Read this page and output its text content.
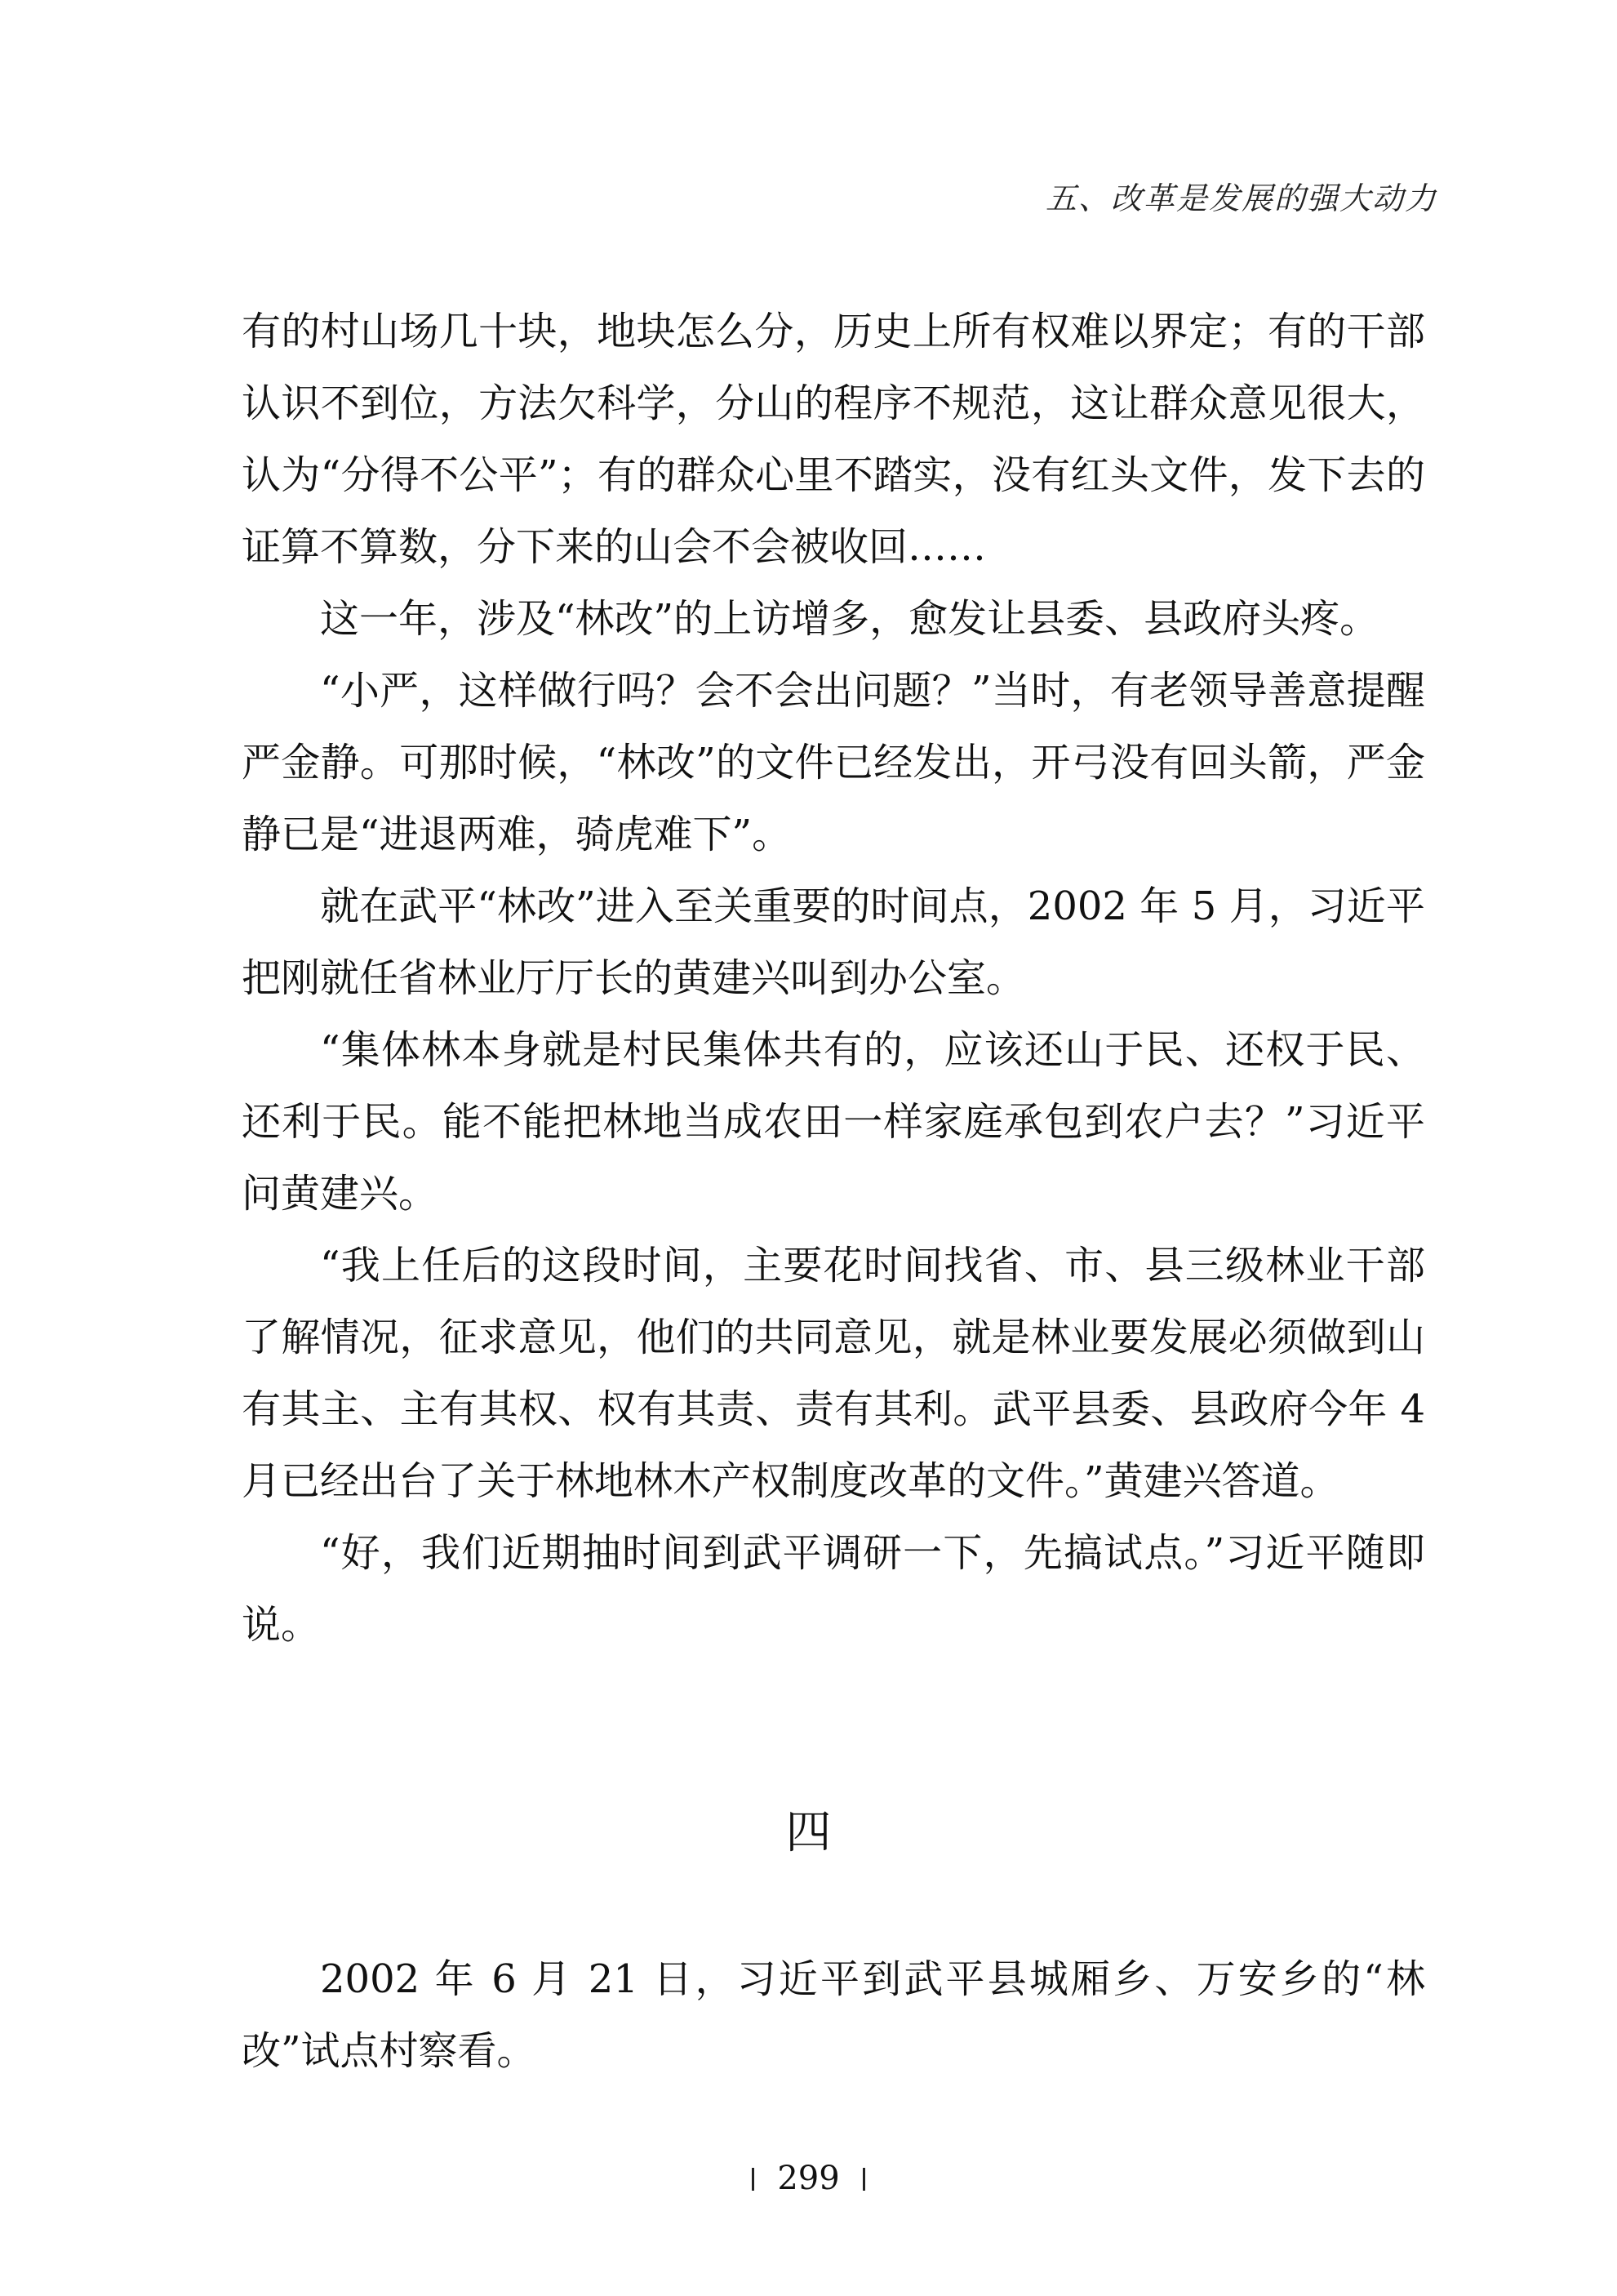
五、改革是发展的强大动力

有的村山场几十块，地块怎么分，历史上所有权难以界定；有的干部认识不到位，方法欠科学，分山的程序不规范，这让群众意见很大，认为“分得不公平”；有的群众心里不踏实，没有红头文件，发下去的证算不算数，分下来的山会不会被收回……

这一年，涉及“林改”的上访增多，愈发让县委、县政府头疼。

“小严，这样做行吗？会不会出问题？”当时，有老领导善意提醒严金静。可那时候，“林改”的文件已经发出，开弓没有回头箭，严金静已是“进退两难，骑虎难下”。

就在武平“林改”进入至关重要的时间点，2002 年 5 月，习近平把刚就任省林业厅厅长的黄建兴叫到办公室。

“集体林本身就是村民集体共有的，应该还山于民、还权于民、还利于民。能不能把林地当成农田一样家庭承包到农户去？”习近平问黄建兴。

“我上任后的这段时间，主要花时间找省、市、县三级林业干部了解情况，征求意见，他们的共同意见，就是林业要发展必须做到山有其主、主有其权、权有其责、责有其利。武平县委、县政府今年 4 月已经出台了关于林地林木产权制度改革的文件。”黄建兴答道。

“好，我们近期抽时间到武平调研一下，先搞试点。”习近平随即说。

四

2002 年 6 月 21 日，习近平到武平县城厢乡、万安乡的“林改”试点村察看。

299
